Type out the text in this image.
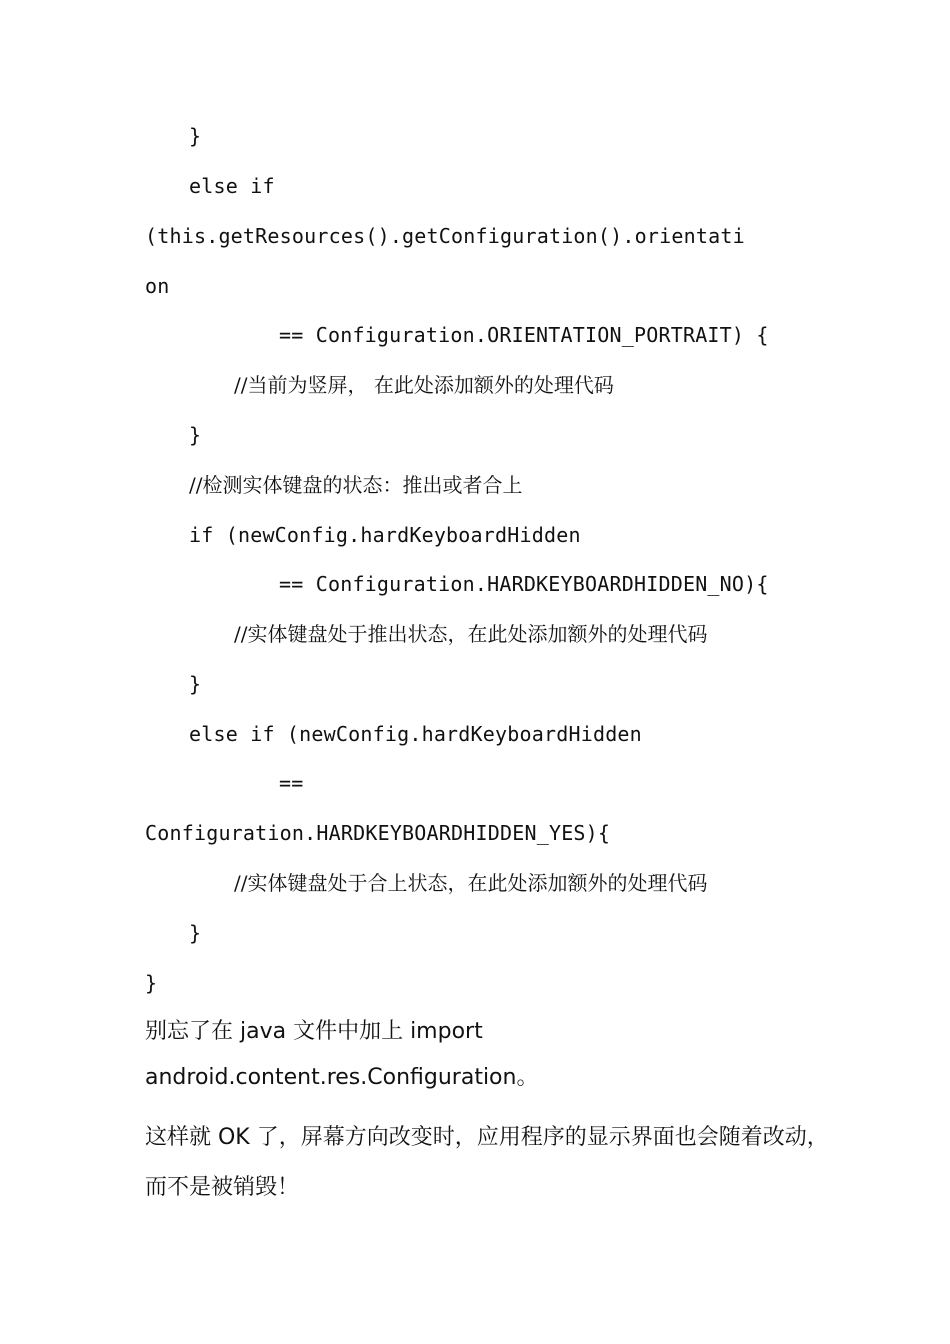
}
else if
(this.getResources().getConfiguration().orientati
on
== Configuration.ORIENTATION_PORTRAIT) {
//当前为竖屏， 在此处添加额外的处理代码
}
//检测实体键盘的状态：推出或者合上
if (newConfig.hardKeyboardHidden
== Configuration.HARDKEYBOARDHIDDEN_NO){
//实体键盘处于推出状态，在此处添加额外的处理代码
}
else if (newConfig.hardKeyboardHidden
==
Configuration.HARDKEYBOARDHIDDEN_YES){
//实体键盘处于合上状态，在此处添加额外的处理代码
}
}
别忘了在 java 文件中加上 import
android.content.res.Configuration。
这样就 OK 了，屏幕方向改变时，应用程序的显示界面也会随着改动，
而不是被销毁！
